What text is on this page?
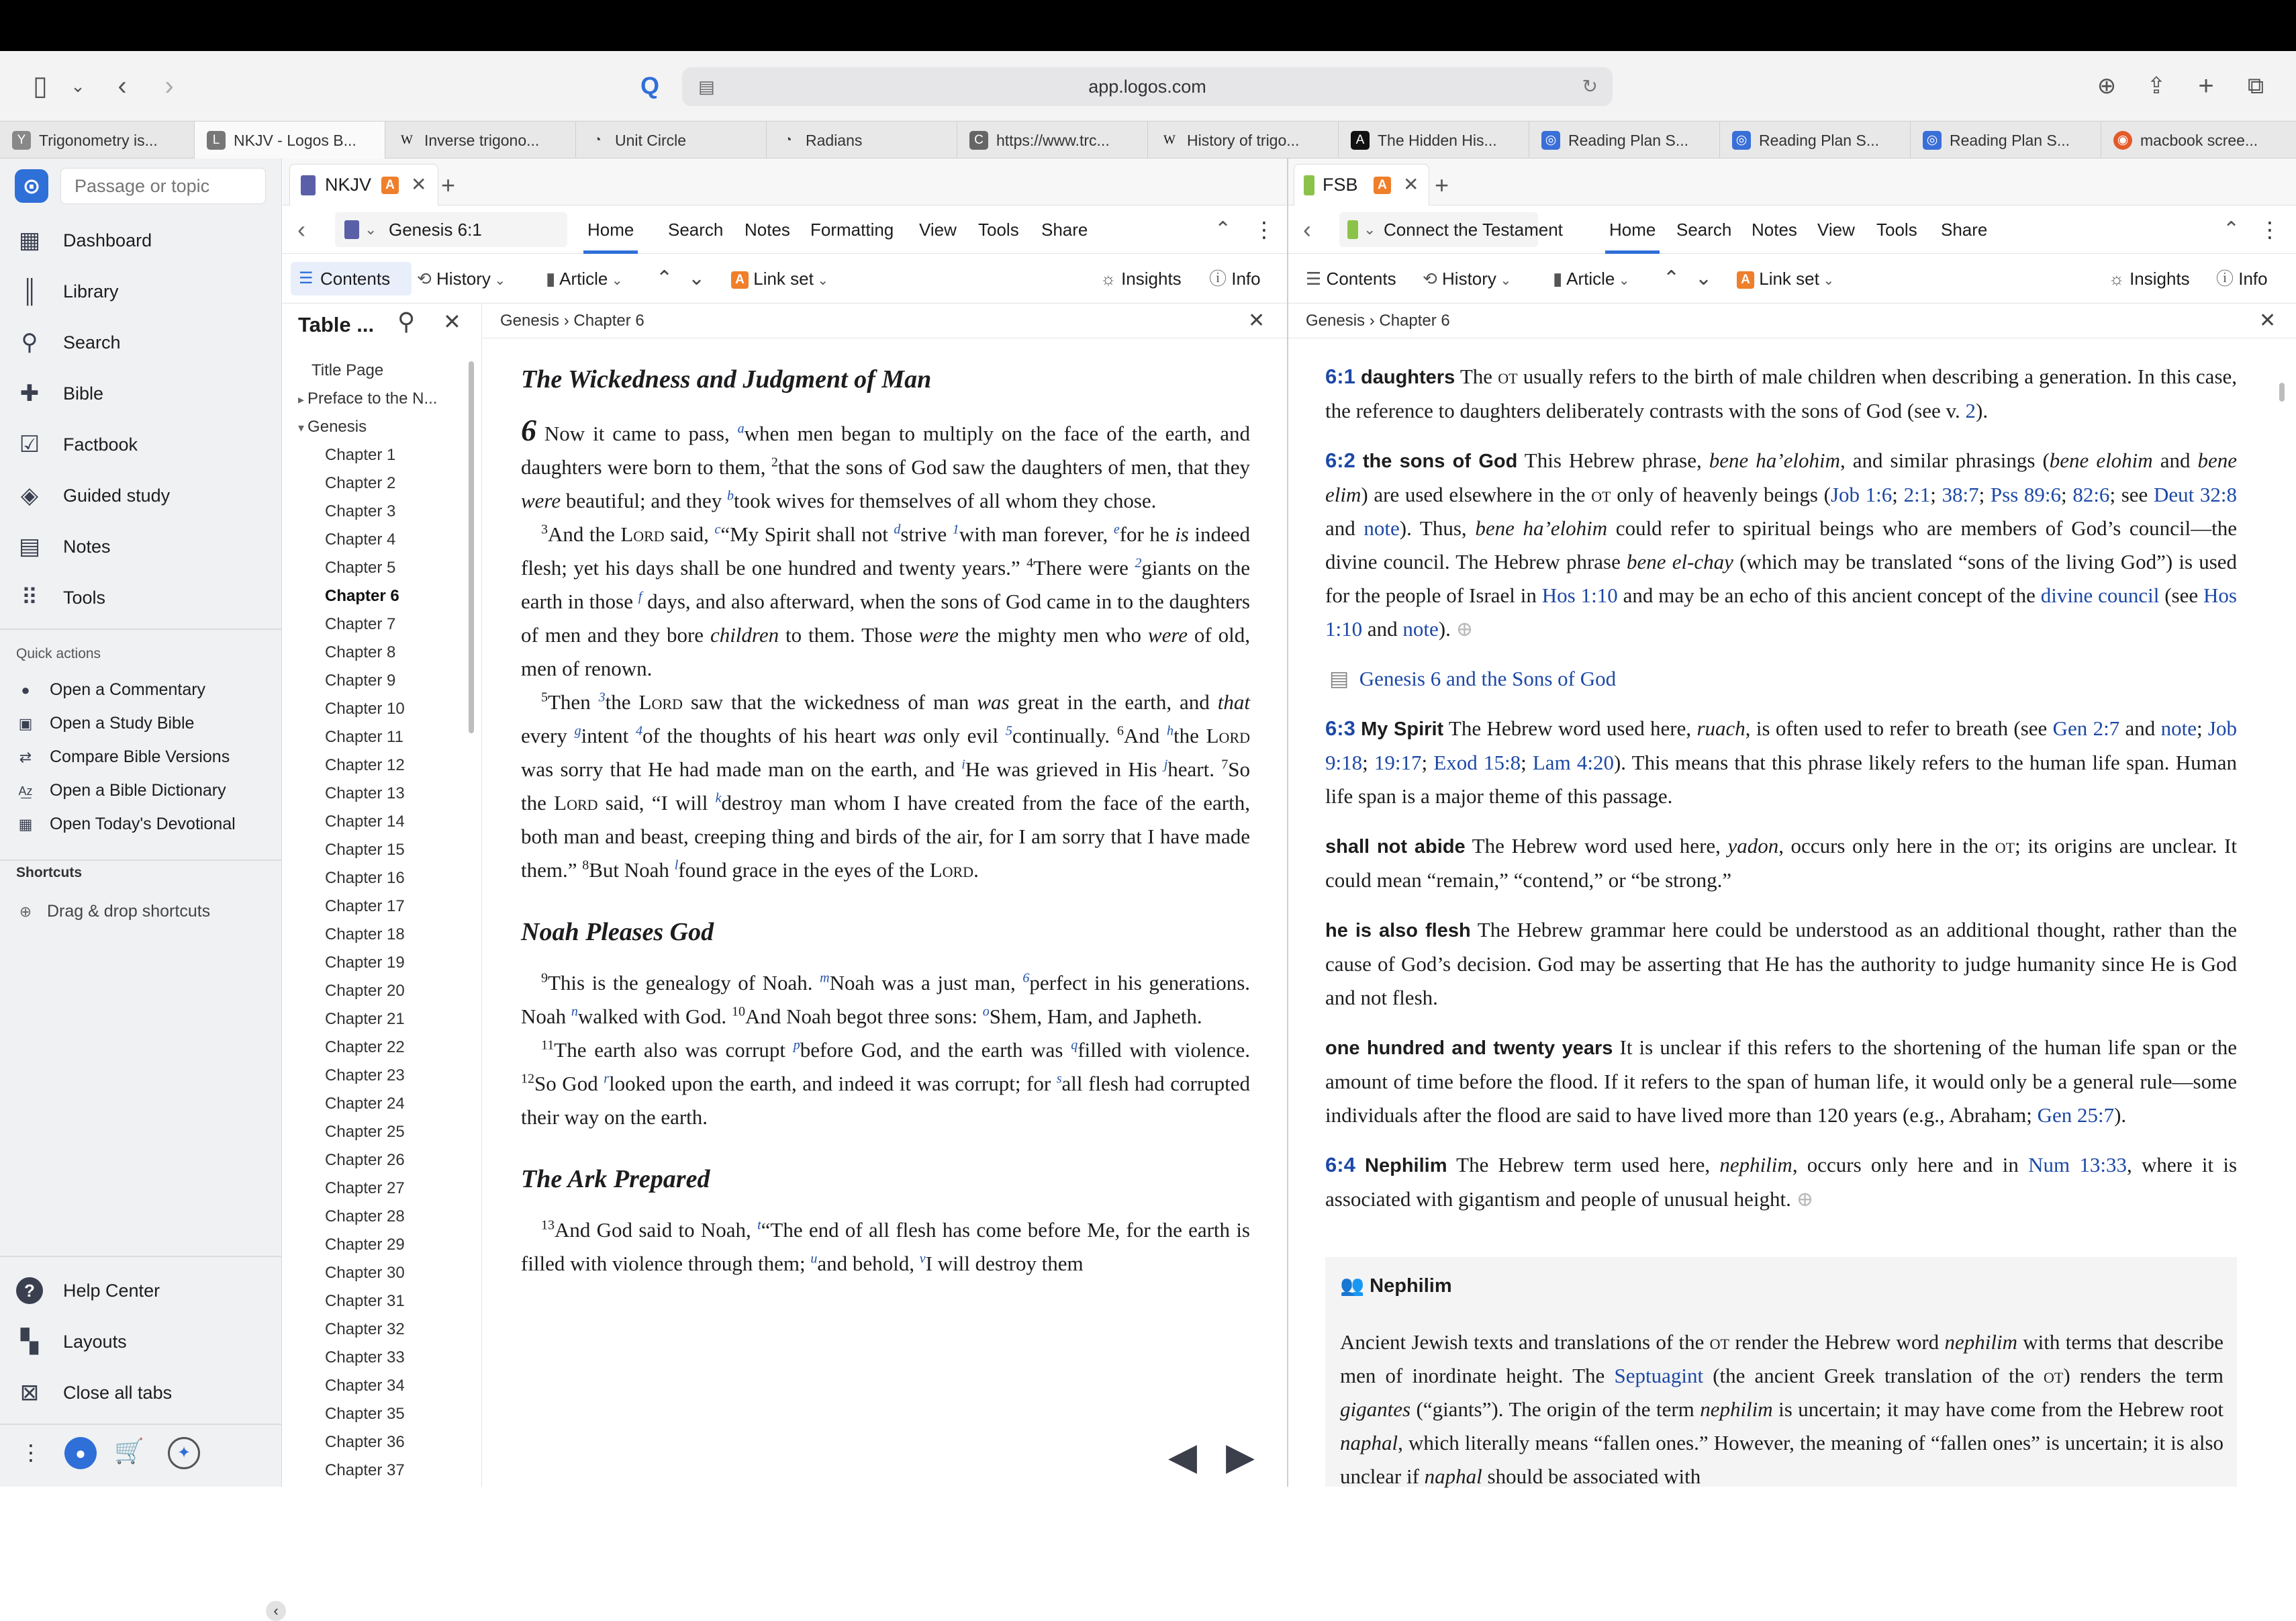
▯	⌄	‹	›	Q	▤	app.logos.com	↻	⊕	⇪	+	⧉
Y Trigonometry is...	L NKJV - Logos B...	W Inverse trigono...	◔ Unit Circle	◔ Radians	C https://www.trc...	W History of trigo...	A The Hidden His...	◎ Reading Plan S...	◎ Reading Plan S...	◎ Reading Plan S...	◉ macbook scree...
⊙
Passage or topic
▦ Dashboard
║ Library
⚲ Search
✚ Bible
☑ Factbook
◈ Guided study
▤ Notes
⠿ Tools
Quick actions
● Open a Commentary
▣ Open a Study Bible
⇄ Compare Bible Versions
A͟z Open a Bible Dictionary
▦ Open Today's Devotional
Shortcuts
⊕ Drag & drop shortcuts
?	Help Center
▚ Layouts
⊠ Close all tabs
⋮	●	🛒	✦
‹
NKJV	A ✕ +
‹	⌄ Genesis 6:1	Home Search Notes Formatting View Tools Share	⌃ ⋮
☰ Contents ⟲ History ⌄ ▮ Article ⌄ ⌃ ⌄	A Link set ⌄	☼ Insights ⓘ Info
Table ... ⚲ ✕
Title Page
▸ Preface to the N...
▾ Genesis
Chapter 1
Chapter 2
Chapter 3
Chapter 4
Chapter 5
Chapter 6
Chapter 7
Chapter 8
Chapter 9
Chapter 10
Chapter 11
Chapter 12
Chapter 13
Chapter 14
Chapter 15
Chapter 16
Chapter 17
Chapter 18
Chapter 19
Chapter 20
Chapter 21
Chapter 22
Chapter 23
Chapter 24
Chapter 25
Chapter 26
Chapter 27
Chapter 28
Chapter 29
Chapter 30
Chapter 31
Chapter 32
Chapter 33
Chapter 34
Chapter 35
Chapter 36
Chapter 37
Genesis › Chapter 6	✕
The Wickedness and Judgment of Man

6 Now it came to pass, $^a$when men began to multiply on the face of the earth, and daughters were born to them, $^2$that the sons of God saw the daughters of men, that they were beautiful; and they $^b$took wives for themselves of all whom they chose.

$^3$And the Lord said, $^c$“My Spirit shall not $^d$strive $^1$with man forever, $^e$for he is indeed flesh; yet his days shall be one hundred and twenty years.” $^4$There were $^2$giants on the earth in those $^f$ days, and also afterward, when the sons of God came in to the daughters of men and they bore children to them. Those were the mighty men who were of old, men of renown.

$^5$Then $^3$the Lord saw that the wickedness of man was great in the earth, and that every $^g$intent $^4$of the thoughts of his heart was only evil $^5$continually. $^6$And $^h$the Lord was sorry that He had made man on the earth, and $^i$He was grieved in His $^j$heart. $^7$So the Lord said, “I will $^k$destroy man whom I have created from the face of the earth, both man and beast, creeping thing and birds of the air, for I am sorry that I have made them.” $^8$But Noah $^l$found grace in the eyes of the Lord.

Noah Pleases God

$^9$This is the genealogy of Noah. $^m$Noah was a just man, $^6$perfect in his generations. Noah $^n$walked with God. $^{10}$And Noah begot three sons: $^o$Shem, Ham, and Japheth.

$^{11}$The earth also was corrupt $^p$before God, and the earth was $^q$filled with violence. $^{12}$So God $^r$looked upon the earth, and indeed it was corrupt; for $^s$all flesh had corrupted their way on the earth.

The Ark Prepared

$^{13}$And God said to Noah, $^t$“The end of all flesh has come before Me, for the earth is filled with violence through them; $^u$and behold, $^v$I will destroy them

◀ ▶
FSB	A ✕ +
‹	⌄ Connect the Testament	Home Search Notes View Tools Share	⌃ ⋮
☰ Contents ⟲ History ⌄ ▮ Article ⌄ ⌃ ⌄	A Link set ⌄	☼ Insights ⓘ Info
Genesis › Chapter 6	✕

6:1 daughters The ot usually refers to the birth of male children when describing a generation. In this case, the reference to daughters deliberately contrasts with the sons of God (see v. 2).

6:2 the sons of God This Hebrew phrase, bene ha’elohim, and similar phrasings (bene elohim and bene elim) are used elsewhere in the ot only of heavenly beings (Job 1:6; 2:1; 38:7; Pss 89:6; 82:6; see Deut 32:8 and note). Thus, bene ha’elohim could refer to spiritual beings who are members of God’s council—the divine council. The Hebrew phrase bene el-chay (which may be translated “sons of the living God”) is used for the people of Israel in Hos 1:10 and may be an echo of this ancient concept of the divine council (see Hos 1:10 and note). ⊕

▤ Genesis 6 and the Sons of God

6:3 My Spirit The Hebrew word used here, ruach, is often used to refer to breath (see Gen 2:7 and note; Job 9:18; 19:17; Exod 15:8; Lam 4:20). This means that this phrase likely refers to the human life span. Human life span is a major theme of this passage.

shall not abide The Hebrew word used here, yadon, occurs only here in the ot; its origins are unclear. It could mean “remain,” “contend,” or “be strong.”

he is also flesh The Hebrew grammar here could be understood as an additional thought, rather than the cause of God’s decision. God may be asserting that He has the authority to judge humanity since He is God and not flesh.

one hundred and twenty years It is unclear if this refers to the shortening of the human life span or the amount of time before the flood. If it refers to the span of human life, it would only be a general rule—some individuals after the flood are said to have lived more than 120 years (e.g., Abraham; Gen 25:7).

6:4 Nephilim The Hebrew term used here, nephilim, occurs only here and in Num 13:33, where it is associated with gigantism and people of unusual height. ⊕

👥 Nephilim

Ancient Jewish texts and translations of the ot render the Hebrew word nephilim with terms that describe men of inordinate height. The Septuagint (the ancient Greek translation of the ot) renders the term gigantes (“giants”). The origin of the term nephilim is uncertain; it may have come from the Hebrew root naphal, which literally means “fallen ones.” However, the meaning of “fallen ones” is uncertain; it is also unclear if naphal should be associated with
